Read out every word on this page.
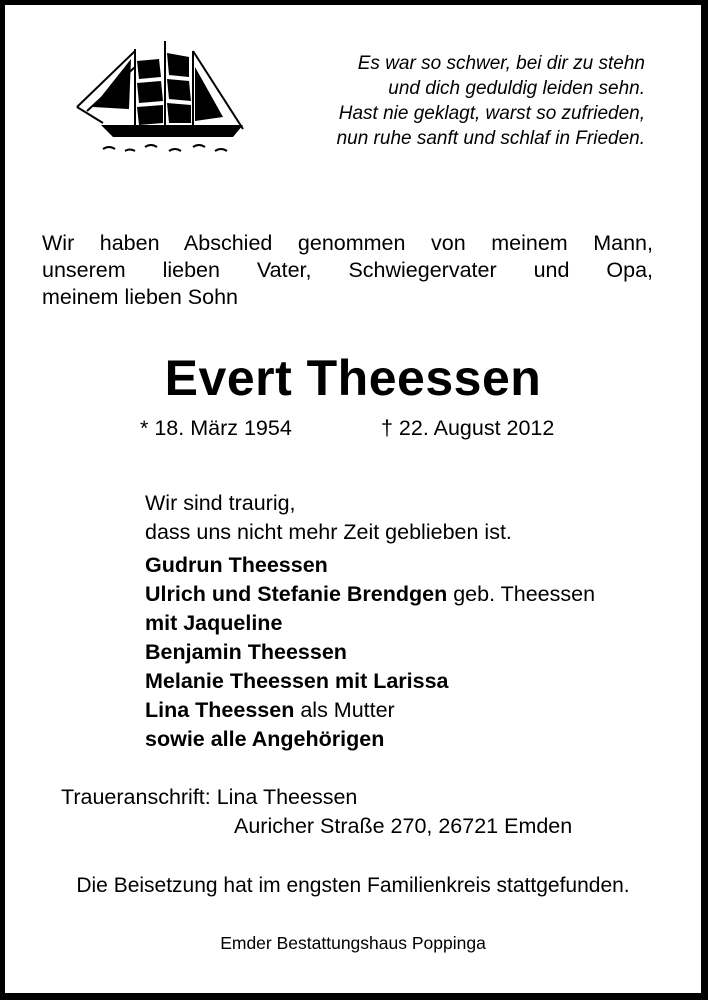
Es war so schwer, bei dir zu stehn
und dich geduldig leiden sehn.
Hast nie geklagt, warst so zufrieden,
nun ruhe sanft und schlaf in Frieden.
Wir haben Abschied genommen von meinem Mann,
unserem lieben Vater, Schwiegervater und Opa,
meinem lieben Sohn
Evert Theessen
* 18. März 1954	† 22. August 2012
Wir sind traurig,
dass uns nicht mehr Zeit geblieben ist.
Gudrun Theessen
Ulrich und Stefanie Brendgen geb. Theessen
mit Jaqueline
Benjamin Theessen
Melanie Theessen mit Larissa
Lina Theessen als Mutter
sowie alle Angehörigen
Traueranschrift: Lina Theessen
Auricher Straße 270, 26721 Emden
Die Beisetzung hat im engsten Familienkreis stattgefunden.
Emder Bestattungshaus Poppinga
